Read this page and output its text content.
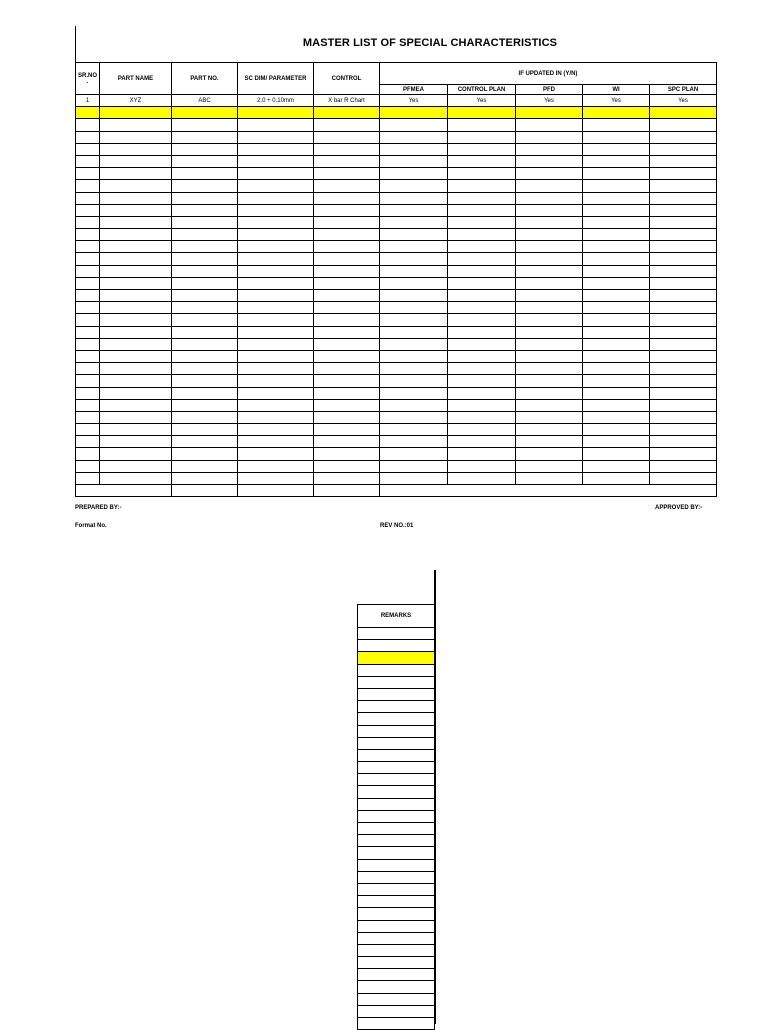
MASTER LIST OF SPECIAL CHARACTERISTICS
SR.NO
.	PART NAME	PART NO.	SC DIM/ PARAMETER	CONTROL	IF UPDATED IN (Y/N)				
					PFMEA	CONTROL PLAN	PFD	WI	SPC PLAN
1	XYZ	ABC	2.0 + 0.10mm	X bar R Chart	Yes	Yes	Yes	Yes	Yes

PREPARED BY:-	APPROVED BY:-
Format No.	REV NO.:01
REMARKS
